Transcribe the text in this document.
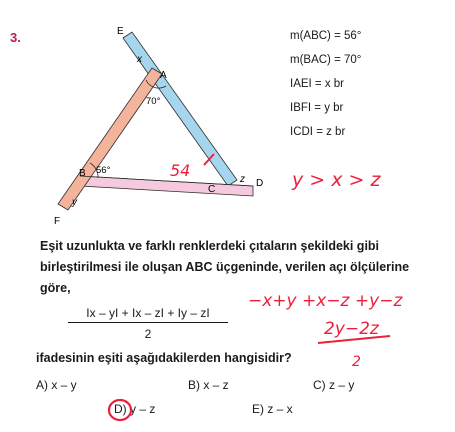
3.	E
x
A
70°
B 56°
C
z D
y
F
m(ABC) = 56°
m(BAC) = 70°
IAEI = x br
IBFI = y br
ICDI = z br
Eşit uzunlukta ve farklı renklerdeki çıtaların şekildeki gibi birleştirilmesi ile oluşan ABC üçgeninde, verilen açı ölçülerine göre,
$\frac{Ix - yI + Ix - zI + Iy - zI}{2}$
ifadesinin eşiti aşağıdakilerden hangisidir?
A) x – y	B) x – z	C) z – y
D) y – z	E) z – x
54	y > x > z
−x+y +x−z +y−z
2y−2z
2
